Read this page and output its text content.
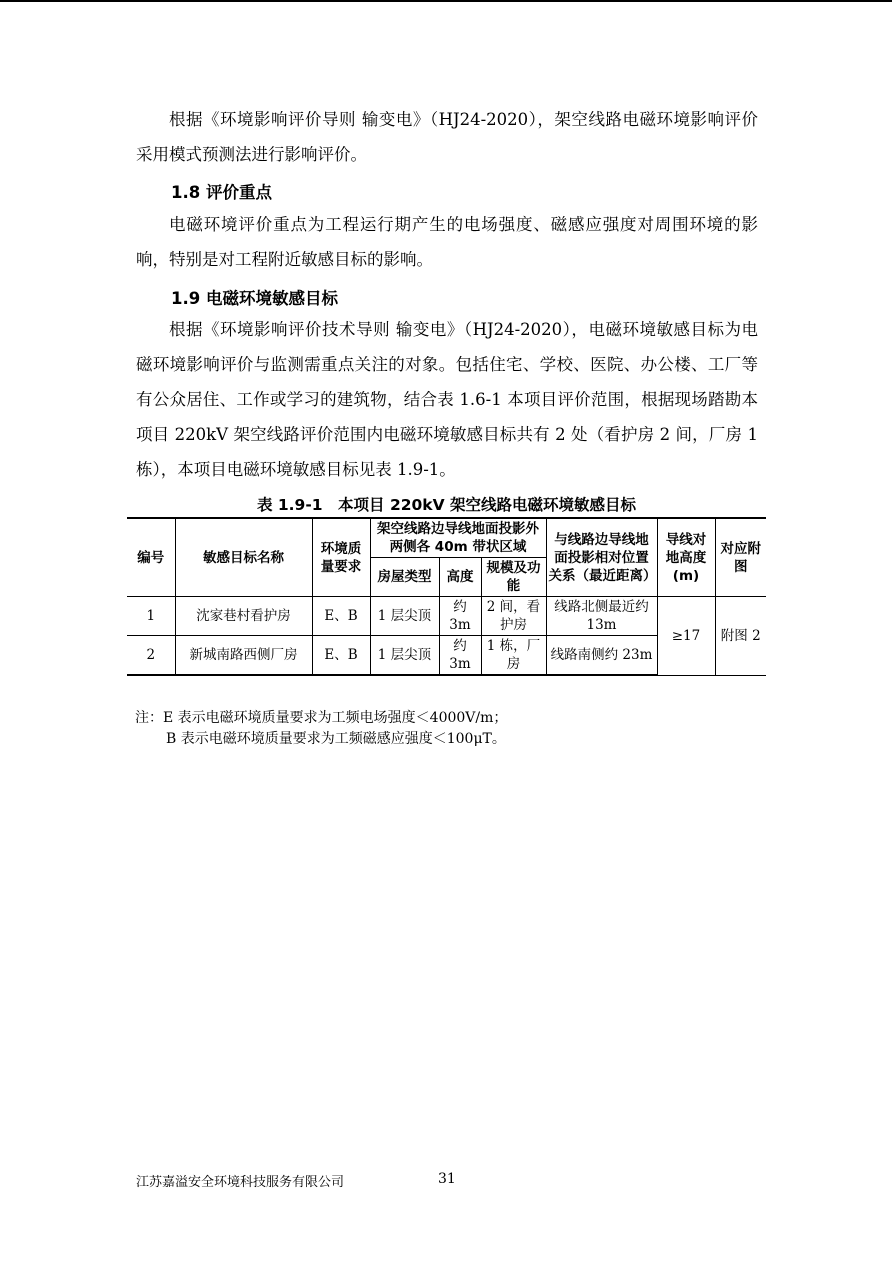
根据《环境影响评价导则 输变电》（HJ24-2020），架空线路电磁环境影响评价采用模式预测法进行影响评价。

1.8 评价重点

电磁环境评价重点为工程运行期产生的电场强度、磁感应强度对周围环境的影响，特别是对工程附近敏感目标的影响。

1.9 电磁环境敏感目标

根据《环境影响评价技术导则 输变电》（HJ24-2020），电磁环境敏感目标为电磁环境影响评价与监测需重点关注的对象。包括住宅、学校、医院、办公楼、工厂等有公众居住、工作或学习的建筑物，结合表 1.6-1 本项目评价范围，根据现场踏勘本项目 220kV 架空线路评价范围内电磁环境敏感目标共有 2 处（看护房 2 间，厂房 1 栋），本项目电磁环境敏感目标见表 1.9-1。

表 1.9-1　本项目 220kV 架空线路电磁环境敏感目标
编号	敏感目标名称	环境质量要求	架空线路边导线地面投影外两侧各 40m 带状区域			与线路边导线地面投影相对位置关系（最近距离）	导线对地高度(m)	对应附图
			房屋类型	高度	规模及功能			
1	沈家巷村看护房	E、B	1 层尖顶	约 3m	2 间，看护房	线路北侧最近约 13m	≥17	附图 2
2	新城南路西侧厂房	E、B	1 层尖顶	约 3m	1 栋，厂房	线路南侧约 23m		

注：E 表示电磁环境质量要求为工频电场强度＜4000V/m；

B 表示电磁环境质量要求为工频磁感应强度＜100μT。

江苏嘉溢安全环境科技服务有限公司	31
